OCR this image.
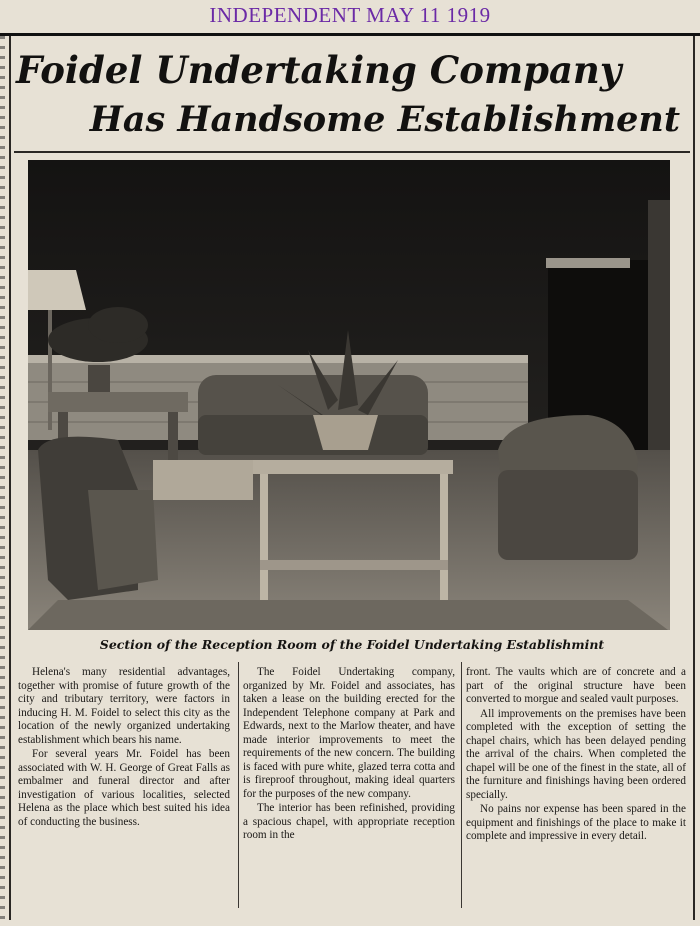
INDEPENDENT MAY 11 1919
Foidel Undertaking Company
Has Handsome Establishment
Section of the Reception Room of the Foidel Undertaking Establishmint

Helena's many residential advantages, together with promise of future growth of the city and tributary territory, were factors in inducing H. M. Foidel to select this city as the location of the newly organized undertaking establishment which bears his name.

For several years Mr. Foidel has been associated with W. H. George of Great Falls as embalmer and funeral director and after investigation of various localities, selected Helena as the place which best suited his idea of conducting the business.

The Foidel Undertaking company, organized by Mr. Foidel and associates, has taken a lease on the building erected for the Independent Telephone company at Park and Edwards, next to the Marlow theater, and have made interior improvements to meet the requirements of the new concern. The building is faced with pure white, glazed terra cotta and is fireproof throughout, making ideal quarters for the purposes of the new company.

The interior has been refinished, providing a spacious chapel, with appropriate reception room in the

front. The vaults which are of concrete and a part of the original structure have been converted to morgue and sealed vault purposes.

All improvements on the premises have been completed with the exception of setting the chapel chairs, which has been delayed pending the arrival of the chairs. When completed the chapel will be one of the finest in the state, all of the furniture and finishings having been ordered specially.

No pains nor expense has been spared in the equipment and finishings of the place to make it complete and impressive in every detail.
